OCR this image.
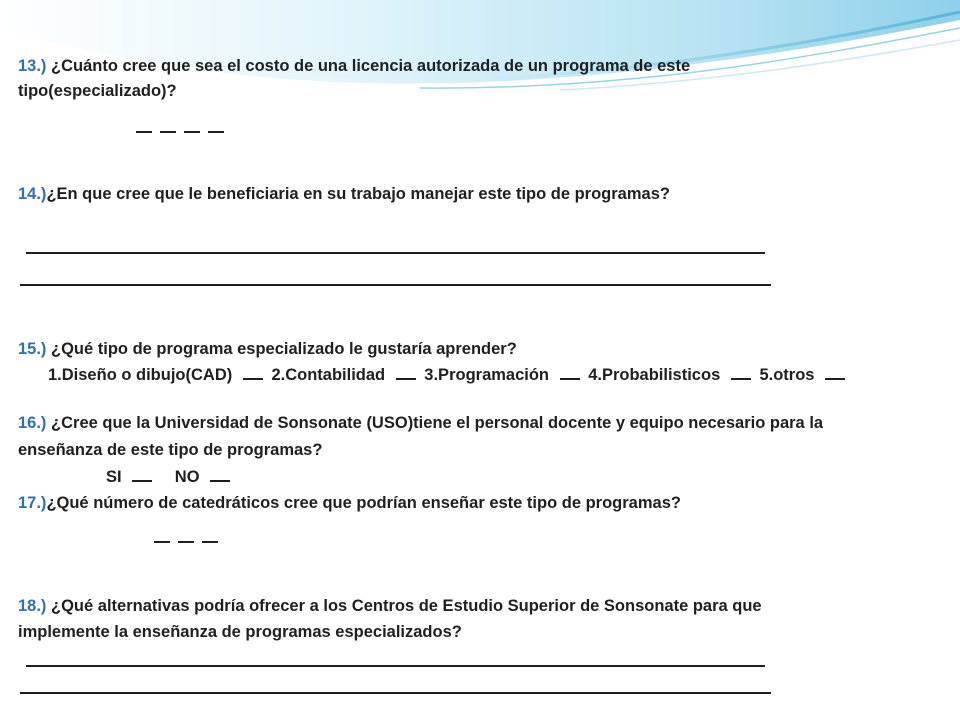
13.) ¿Cuánto cree que sea el costo de una licencia autorizada de un programa de este
tipo(especializado)?
14.)¿En que cree que le beneficiaria en su trabajo manejar este tipo de programas?
15.) ¿Qué tipo de programa especializado le gustaría aprender?
1.Diseño o dibujo(CAD) 2.Contabilidad 3.Programación 4.Probabilisticos 5.otros
16.) ¿Cree que la Universidad de Sonsonate (USO)tiene el personal docente y equipo necesario para la
enseñanza de este tipo de programas?
SI	NO
17.)¿Qué número de catedráticos cree que podrían enseñar este tipo de programas?
18.) ¿Qué alternativas podría ofrecer a los Centros de Estudio Superior de Sonsonate para que
implemente la enseñanza de programas especializados?
